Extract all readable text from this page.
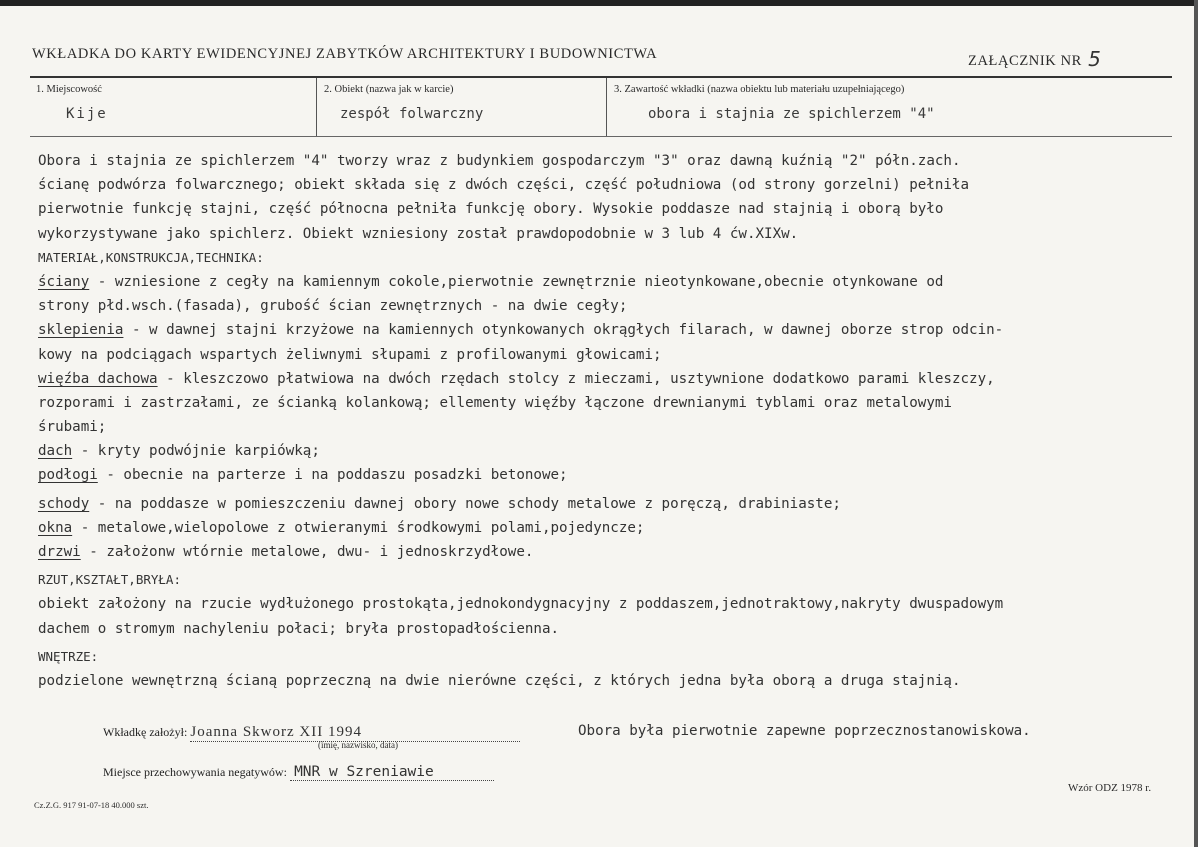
WKŁADKA DO KARTY EWIDENCYJNEJ ZABYTKÓW ARCHITEKTURY I BUDOWNICTWA	ZAŁĄCZNIK NR 5
1. Miejscowość	2. Obiekt (nazwa jak w karcie)	3. Zawartość wkładki (nazwa obiektu lub materiału uzupełniającego)
Kije	zespół folwarczny	obora i stajnia ze spichlerzem "4"
Obora i stajnia ze spichlerzem "4" tworzy wraz z budynkiem gospodarczym "3" oraz dawną kuźnią "2" półn.zach.
ścianę podwórza folwarcznego; obiekt składa się z dwóch części, część południowa (od strony gorzelni) pełniła
pierwotnie funkcję stajni, część północna pełniła funkcję obory. Wysokie poddasze nad stajnią i oborą było
wykorzystywane jako spichlerz. Obiekt wzniesiony został prawdopodobnie w 3 lub 4 ćw.XIXw.
MATERIAŁ,KONSTRUKCJA,TECHNIKA:
ściany - wzniesione z cegły na kamiennym cokole,pierwotnie zewnętrznie nieotynkowane,obecnie otynkowane od
strony płd.wsch.(fasada), grubość ścian zewnętrznych - na dwie cegły;
sklepienia - w dawnej stajni krzyżowe na kamiennych otynkowanych okrągłych filarach, w dawnej oborze strop odcin-
kowy na podciągach wspartych żeliwnymi słupami z profilowanymi głowicami;
więźba dachowa - kleszczowo płatwiowa na dwóch rzędach stolcy z mieczami, usztywnione dodatkowo parami kleszczy,
rozporami i zastrzałami, ze ścianką kolankową; ellementy więźby łączone drewnianymi tyblami oraz metalowymi
śrubami;
dach - kryty podwójnie karpiówką;
podłogi - obecnie na parterze i na poddaszu posadzki betonowe;
schody - na poddasze w pomieszczeniu dawnej obory nowe schody metalowe z poręczą, drabiniaste;
okna - metalowe,wielopolowe z otwieranymi środkowymi polami,pojedyncze;
drzwi - założonw wtórnie metalowe, dwu- i jednoskrzydłowe.
RZUT,KSZTAŁT,BRYŁA:
obiekt założony na rzucie wydłużonego prostokąta,jednokondygnacyjny z poddaszem,jednotraktowy,nakryty dwuspadowym
dachem o stromym nachyleniu połaci; bryła prostopadłościenna.
WNĘTRZE:
podzielone wewnętrzną ścianą poprzeczną na dwie nierówne części, z których jedna była oborą a druga stajnią.
Wkładkę założył: Joanna Skworz XII 1994	Obora była pierwotnie zapewne poprzecznostanowiskowa.
(imię, nazwisko, data)
Miejsce przechowywania negatywów: MNR w Szreniawie
Wzór ODZ 1978 r.
Cz.Z.G. 917 91-07-18 40.000 szt.
